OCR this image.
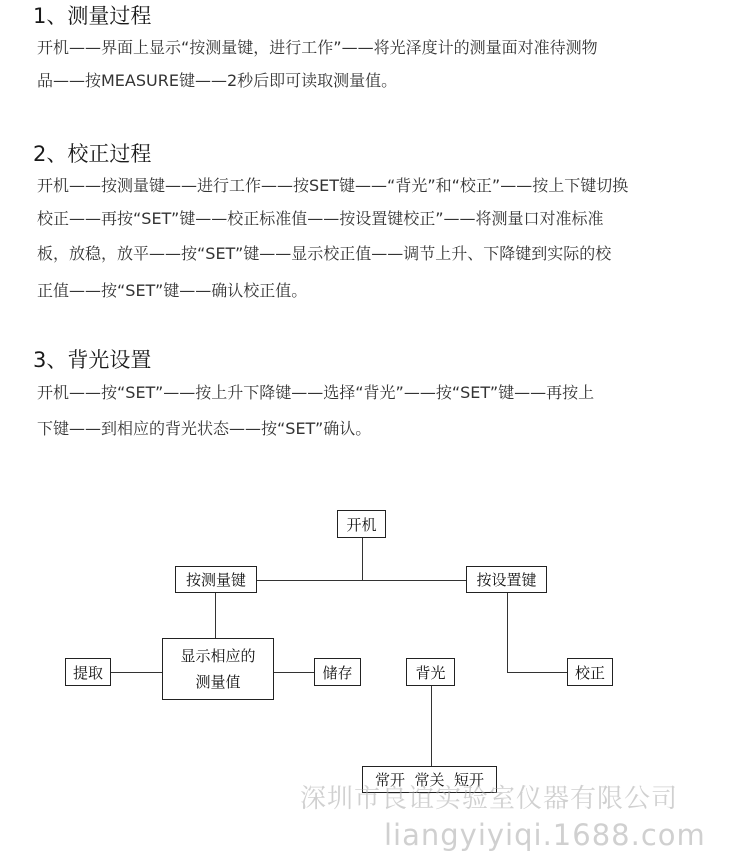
1、测量过程
开机——界面上显示“按测量键，进行工作”——将光泽度计的测量面对准待测物
品——按MEASURE键——2秒后即可读取测量值。
2、校正过程
开机——按测量键——进行工作——按SET键——“背光”和“校正”——按上下键切换
校正——再按“SET”键——校正标准值——按设置键校正”——将测量口对准标准
板，放稳，放平——按“SET”键——显示校正值——调节上升、下降键到实际的校
正值——按“SET”键——确认校正值。
3、背光设置
开机——按“SET”——按上升下降键——选择“背光”——按“SET”键——再按上
下键——到相应的背光状态——按“SET”确认。
开机
按测量键	按设置键
显示相应的
测量值
提取	储存	背光	校正
常开  常关  短开
深圳市良谊实验室仪器有限公司
liangyiyiqi.1688.com
